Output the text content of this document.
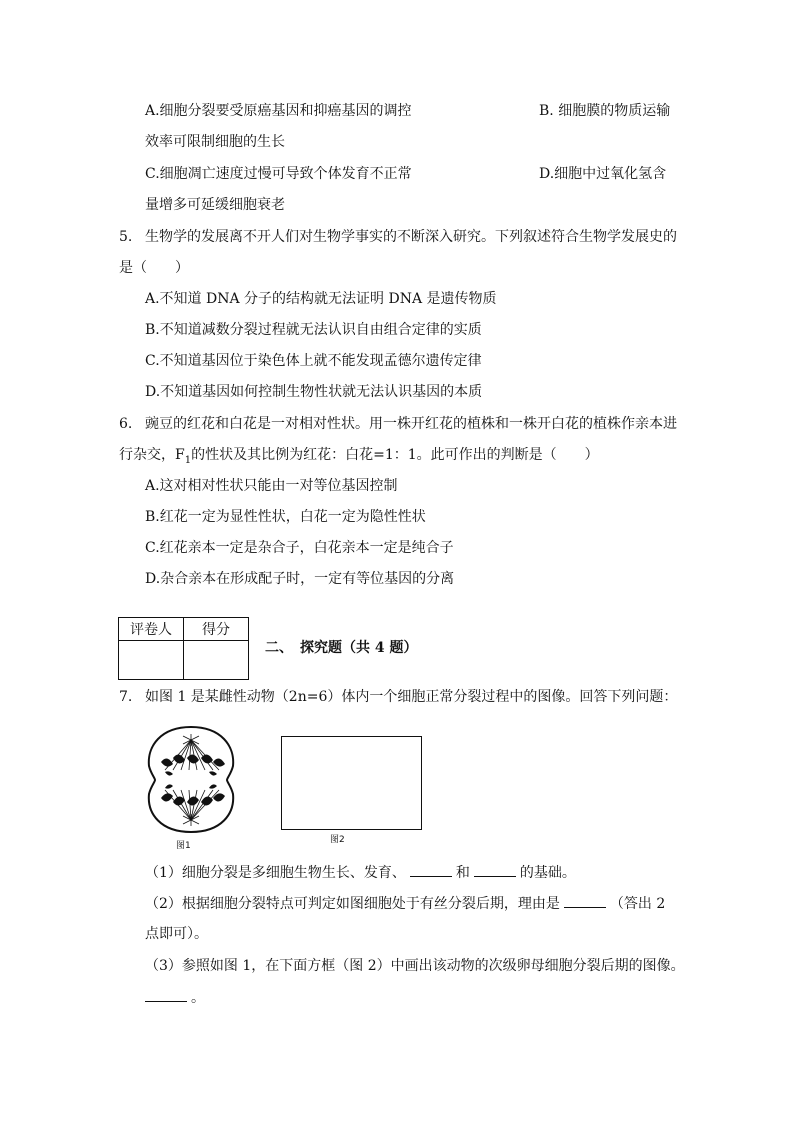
A.细胞分裂要受原癌基因和抑癌基因的调控	B. 细胞膜的物质运输
效率可限制细胞的生长
C.细胞凋亡速度过慢可导致个体发育不正常	D.细胞中过氧化氢含
量增多可延缓细胞衰老
5. 生物学的发展离不开人们对生物学事实的不断深入研究。下列叙述符合生物学发展史的
是（　　）
A.不知道 DNA 分子的结构就无法证明 DNA 是遗传物质
B.不知道减数分裂过程就无法认识自由组合定律的实质
C.不知道基因位于染色体上就不能发现孟德尔遗传定律
D.不知道基因如何控制生物性状就无法认识基因的本质
6. 豌豆的红花和白花是一对相对性状。用一株开红花的植株和一株开白花的植株作亲本进
行杂交，$F_1$的性状及其比例为红花：白花=1：1。此可作出的判断是（　　）
A.这对相对性状只能由一对等位基因控制
B.红花一定为显性性状，白花一定为隐性性状
C.红花亲本一定是杂合子，白花亲本一定是纯合子
D.杂合亲本在形成配子时，一定有等位基因的分离
评卷人	得分

二、　探究题（共 4 题）
7. 如图 1 是某雌性动物（2n=6）体内一个细胞正常分裂过程中的图像。回答下列问题：
图1
图2
（1）细胞分裂是多细胞生物生长、发育、	和	的基础。
（2）根据细胞分裂特点可判定如图细胞处于有丝分裂后期，理由是	（答出 2
点即可）。
（3）参照如图 1，在下面方框（图 2）中画出该动物的次级卵母细胞分裂后期的图像。
。
